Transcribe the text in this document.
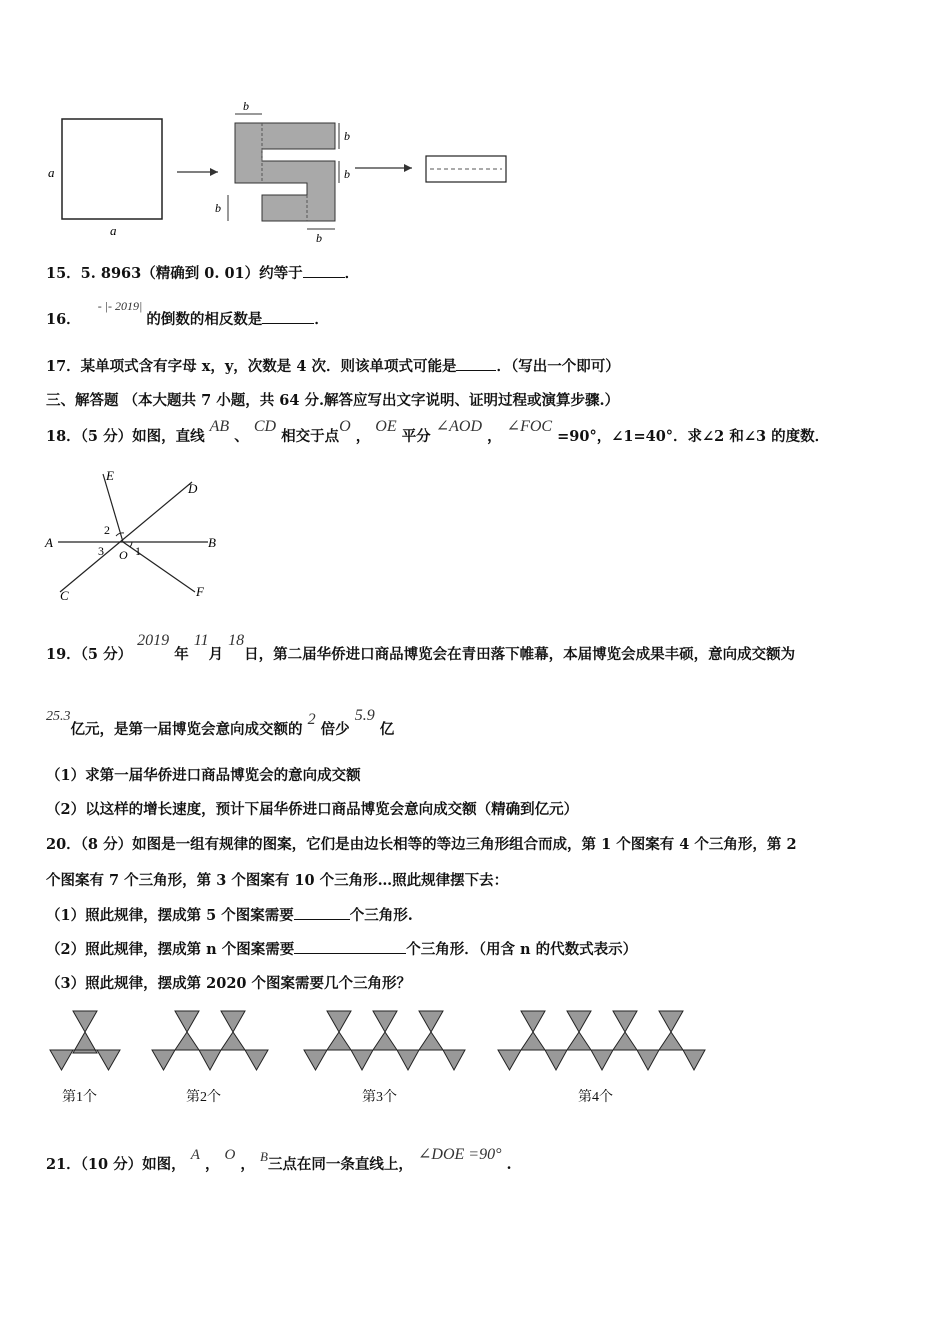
a
a
b
b
b
b
b
15．5. 8963（精确到 0. 01）约等于	．
16． $^{- |- 2019|}$的倒数的相反数是	．
17．某单项式含有字母 x，y，次数是 4 次．则该单项式可能是	．（写出一个即可）
三、解答题 （本大题共 7 小题，共 64 分.解答应写出文字说明、证明过程或演算步骤.）
18．（5 分）如图，直线 AB 、 CD 相交于点O ， OE 平分 ∠AOD ， ∠FOC =90°，∠1=40°．求∠2 和∠3 的度数．
E
D
A	B
C	F
O 1
2
3
19．（5 分） 2019 年 11月 18日，第二届华侨进口商品博览会在青田落下帷幕，本届博览会成果丰硕，意向成交额为
25.3亿元，是第一届博览会意向成交额的 2 倍少 5.9 亿
（1）求第一届华侨进口商品博览会的意向成交额
（2）以这样的增长速度，预计下届华侨进口商品博览会意向成交额（精确到亿元）
20．（8 分）如图是一组有规律的图案，它们是由边长相等的等边三角形组合而成，第 1 个图案有 4 个三角形，第 2
个图案有 7 个三角形，第 3 个图案有 10 个三角形…照此规律摆下去：
（1）照此规律，摆成第 5 个图案需要	个三角形.
（2）照此规律，摆成第 n 个图案需要	个三角形．（用含 n 的代数式表示）
（3）照此规律，摆成第 2020 个图案需要几个三角形？
第1个	第2个	第3个	第4个
21．（10 分）如图， A ， O ， B三点在同一条直线上， ∠DOE =90° .
